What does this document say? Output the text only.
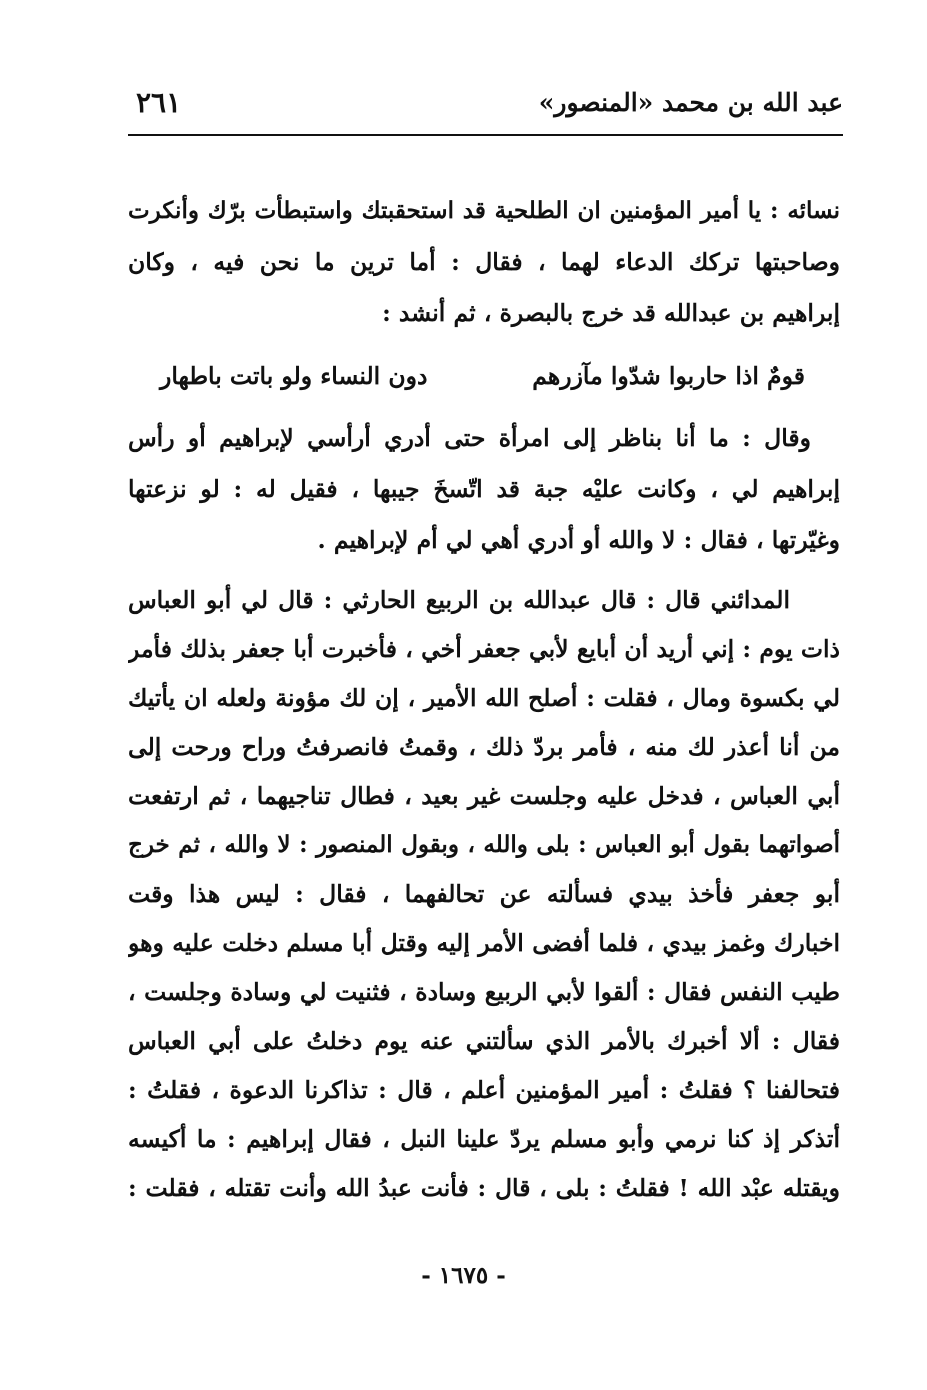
عبد الله بن محمد «المنصور»
٢٦١
نسائه : يا أمير المؤمنين ان الطلحية قد استحقبتك واستبطأت برّك وأنكرت
وصاحبتها تركك الدعاء لهما ، فقال : أما ترين ما نحن فيه ، وكان
إبراهيم بن عبدالله قد خرج بالبصرة ، ثم أنشد :
قومٌ اذا حاربوا شدّوا مآزرهم
دون النساء ولو باتت باطهار
وقال : ما أنا بناظر إلى امرأة حتى أدري أرأسي لإبراهيم أو رأس
إبراهيم لي ، وكانت عليْه جبة قد اتّسخَ جيبها ، فقيل له : لو نزعتها
وغيّرتها ، فقال : لا والله أو أدري أهي لي أم لإبراهيم .
المدائني قال : قال عبدالله بن الربيع الحارثي : قال لي أبو العباس
ذات يوم : إني أريد أن أبايع لأبي جعفر أخي ، فأخبرت أبا جعفر بذلك فأمر
لي بكسوة ومال ، فقلت : أصلح الله الأمير ، إن لك مؤونة ولعله ان يأتيك
من أنا أعذر لك منه ، فأمر بردّ ذلك ، وقمتُ فانصرفتُ وراح ورحت إلى
أبي العباس ، فدخل عليه وجلست غير بعيد ، فطال تناجيهما ، ثم ارتفعت
أصواتهما بقول أبو العباس : بلى والله ، وبقول المنصور : لا والله ، ثم خرج
أبو جعفر فأخذ بيدي فسألته عن تحالفهما ، فقال : ليس هذا وقت
اخبارك وغمز بيدي ، فلما أفضى الأمر إليه وقتل أبا مسلم دخلت عليه وهو
طيب النفس فقال : ألقوا لأبي الربيع وسادة ، فثنيت لي وسادة وجلست ،
فقال : ألا أخبرك بالأمر الذي سألتني عنه يوم دخلتُ على أبي العباس
فتحالفنا ؟ فقلتُ : أمير المؤمنين أعلم ، قال : تذاكرنا الدعوة ، فقلتُ :
أتذكر إذ كنا نرمي وأبو مسلم يردّ علينا النبل ، فقال إبراهيم : ما أكيسه
ويقتله عبْد الله ! فقلتُ : بلى ، قال : فأنت عبدُ الله وأنت تقتله ، فقلت :
- ١٦٧٥ -
